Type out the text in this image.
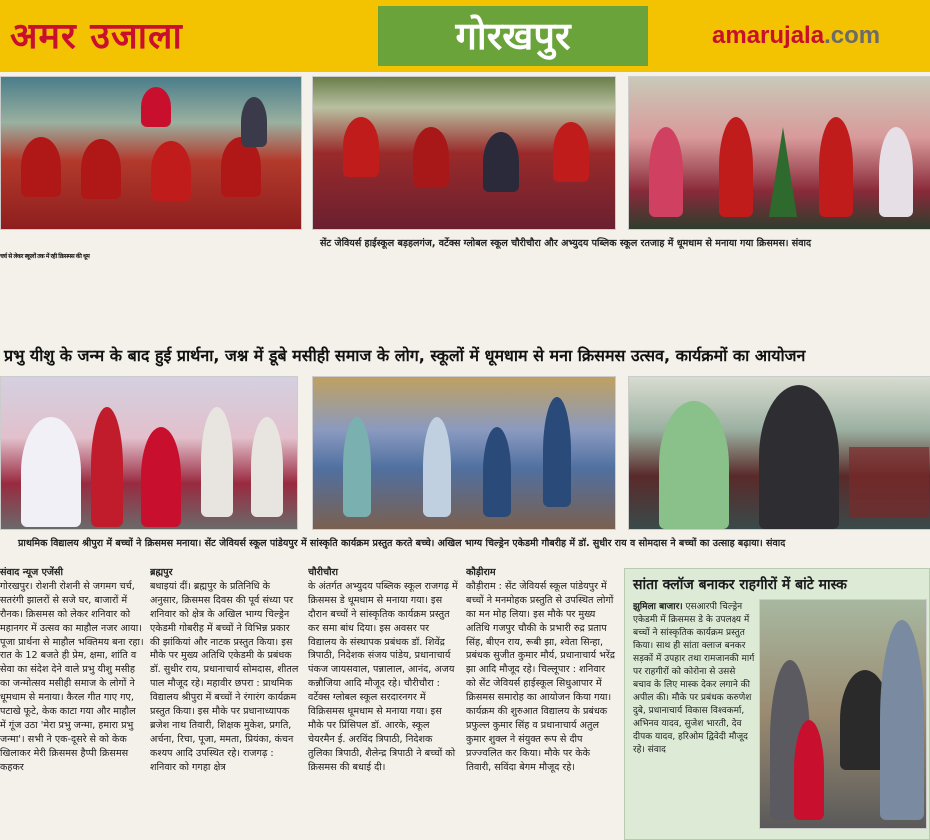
अमर उजाला	गोरखपुर	amarujala.com
सेंट जेवियर्स हाईस्कूल बड़हलगंज, वर्टेक्स ग्लोबल स्कूल चौरीचौरा और अभ्युदय पब्लिक स्कूल रतजाह में धूमधाम से मनाया गया क्रिसमस। संवाद
चर्च से लेकर स्कूलों तक में रही क्रिसमस की धूम
प्रभु यीशु के जन्म के बाद हुई प्रार्थना, जश्न में डूबे मसीही समाज के लोग, स्कूलों में धूमधाम से मना क्रिसमस उत्सव, कार्यक्रमों का आयोजन
प्राथमिक विद्यालय श्रीपुरा में बच्चों ने क्रिसमस मनाया। सेंट जेवियर्स स्कूल पांडेयपुर में सांस्कृति कार्यक्रम प्रस्तुत करते बच्चे। अखिल भाग्य चिल्ड्रेन एकेडमी गौबरीह में डॉ. सुधीर राय व सोमदास ने बच्चों का उत्साह बढ़ाया। संवाद

संवाद न्यूज एजेंसी

गोरखपुर। रोशनी रोशनी से जगमग चर्च, सतरंगी झालरों से सजे घर, बाजारों में रौनक। क्रिसमस को लेकर शनिवार को महानगर में उत्सव का माहौल नजर आया। पूजा प्रार्थना से माहौल भक्तिमय बना रहा। रात के 12 बजते ही प्रेम, क्षमा, शांति व सेवा का संदेश देने वाले प्रभु यीशु मसीह का जन्मोत्सव मसीही समाज के लोगों ने धूमधाम से मनाया। कैरल गीत गाए गए, पटाखे फूटे, केक काटा गया और माहौल में गूंज उठा 'मेरा प्रभु जन्मा, हमारा प्रभु जन्मा'। सभी ने एक-दूसरे से को केक खिलाकर मेरी क्रिसमस हैप्पी क्रिसमस कहकर

ब्रह्मपुर

बधाइयां दीं। ब्रह्मपुर के प्रतिनिधि के अनुसार, क्रिसमस दिवस की पूर्व संध्या पर शनिवार को क्षेत्र के अखिल भाग्य चिल्ड्रेन एकेडमी गोबरीह में बच्चों ने विभिन्न प्रकार की झांकियां और नाटक प्रस्तुत किया। इस मौके पर मुख्य अतिथि एकेडमी के प्रबंधक डॉ. सुधीर राय, प्रधानाचार्य सोमदास, शीतल पाल मौजूद रहे। महावीर छपरा : प्राथमिक विद्यालय श्रीपुरा में बच्चों ने रंगारंग कार्यक्रम प्रस्तुत किया। इस मौके पर प्रधानाध्यापक ब्रजेश नाथ तिवारी, शिक्षक मुकेश, प्रगति, अर्चना, रिचा, पूजा, ममता, प्रियंका, कंचन कश्यप आदि उपस्थित रहे। राजगढ़ : शनिवार को गगहा क्षेत्र

चौरीचौरा

के अंतर्गत अभ्युदय पब्लिक स्कूल राजगढ़ में क्रिसमस डे धूमधाम से मनाया गया। इस दौरान बच्चों ने सांस्कृतिक कार्यक्रम प्रस्तुत कर समा बांध दिया। इस अवसर पर विद्यालय के संस्थापक प्रबंधक डॉ. शिवेंद्र त्रिपाठी, निदेशक संजय पांडेय, प्रधानाचार्य पंकज जायसवाल, पन्नालाल, आनंद, अजय कन्नौजिया आदि मौजूद रहे। चौरीचौरा : वर्टेक्स ग्लोबल स्कूल सरदारनगर में विक्रिसमस धूमधाम से मनाया गया। इस मौके पर प्रिंसिपल डॉ. आरके, स्कूल चेयरमैन ई. अरविंद त्रिपाठी, निदेशक तुलिका त्रिपाठी, शैलेन्द्र त्रिपाठी ने बच्चों को क्रिसमस की बधाई दी।

कौड़ीराम

कौड़ीराम : सेंट जेवियर्स स्कूल पांडेयपुर में बच्चों ने मनमोहक प्रस्तुति से उपस्थित लोगों का मन मोह लिया। इस मौके पर मुख्य अतिथि गजपुर चौकी के प्रभारी रुद्र प्रताप सिंह, बीएन राय, रूबी झा, श्वेता सिन्हा, प्रबंधक सुजीत कुमार मौर्य, प्रधानाचार्य भरेंद्र झा आदि मौजूद रहे। चिल्लूपार : शनिवार को सेंट जेवियर्स हाईस्कूल सिधुआपार में क्रिसमस समारोह का आयोजन किया गया। कार्यक्रम की शुरुआत विद्यालय के प्रबंधक प्रफुल्ल कुमार सिंह व प्रधानाचार्य अतुल कुमार शुक्ल ने संयुक्त रूप से दीप प्रज्ज्वलित कर किया। मौके पर केके तिवारी, सविंदा बेगम मौजूद रहे।

सांता क्लॉज बनाकर राहगीरों में बांटे मास्क
झुमिला बाजार। एसआरपी चिल्ड्रेन एकेडमी में क्रिसमस डे के उपलक्ष्य में बच्चों ने सांस्कृतिक कार्यक्रम प्रस्तुत किया। साथ ही सांता क्लाज बनकर सड़कों में उपहार तथा रामजानकी मार्ग पर राहगीरों को कोरोना से उससे बचाव के लिए मास्क देकर लगाने की अपील की। मौके पर प्रबंधक करुणेश दुबे, प्रधानाचार्य विकास विश्वकर्मा, अभिनव यादव, सुजेश भारती, देव दीपक यादव, हरिओम द्विवेदी मौजूद रहे। संवाद
